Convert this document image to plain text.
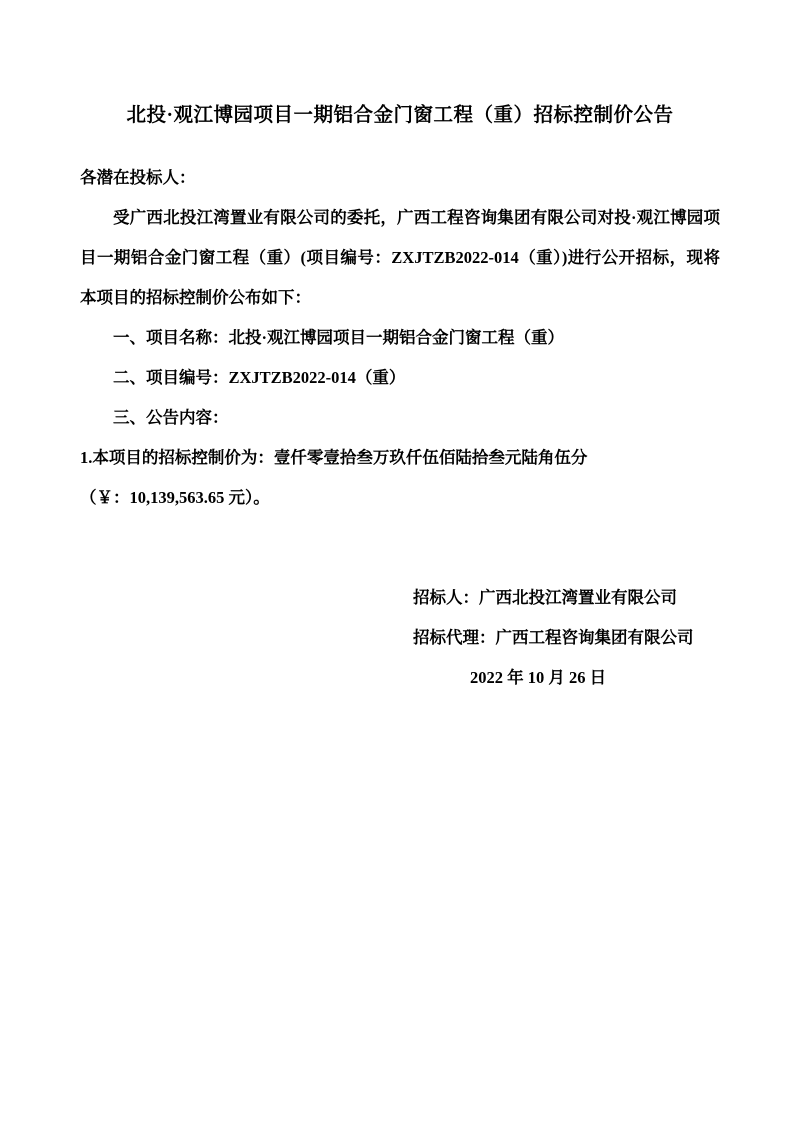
北投·观江博园项目一期铝合金门窗工程（重）招标控制价公告
各潜在投标人：

受广西北投江湾置业有限公司的委托，广西工程咨询集团有限公司对投·观江博园项目一期铝合金门窗工程（重）(项目编号：ZXJTZB2022-014（重）)进行公开招标，现将本项目的招标控制价公布如下：

一、项目名称：北投·观江博园项目一期铝合金门窗工程（重）
二、项目编号：ZXJTZB2022-014（重）
三、公告内容：
1.本项目的招标控制价为：壹仟零壹拾叁万玖仟伍佰陆拾叁元陆角伍分
（￥：10,139,563.65 元）。
招标人：广西北投江湾置业有限公司
招标代理：广西工程咨询集团有限公司
2022 年 10 月 26 日
